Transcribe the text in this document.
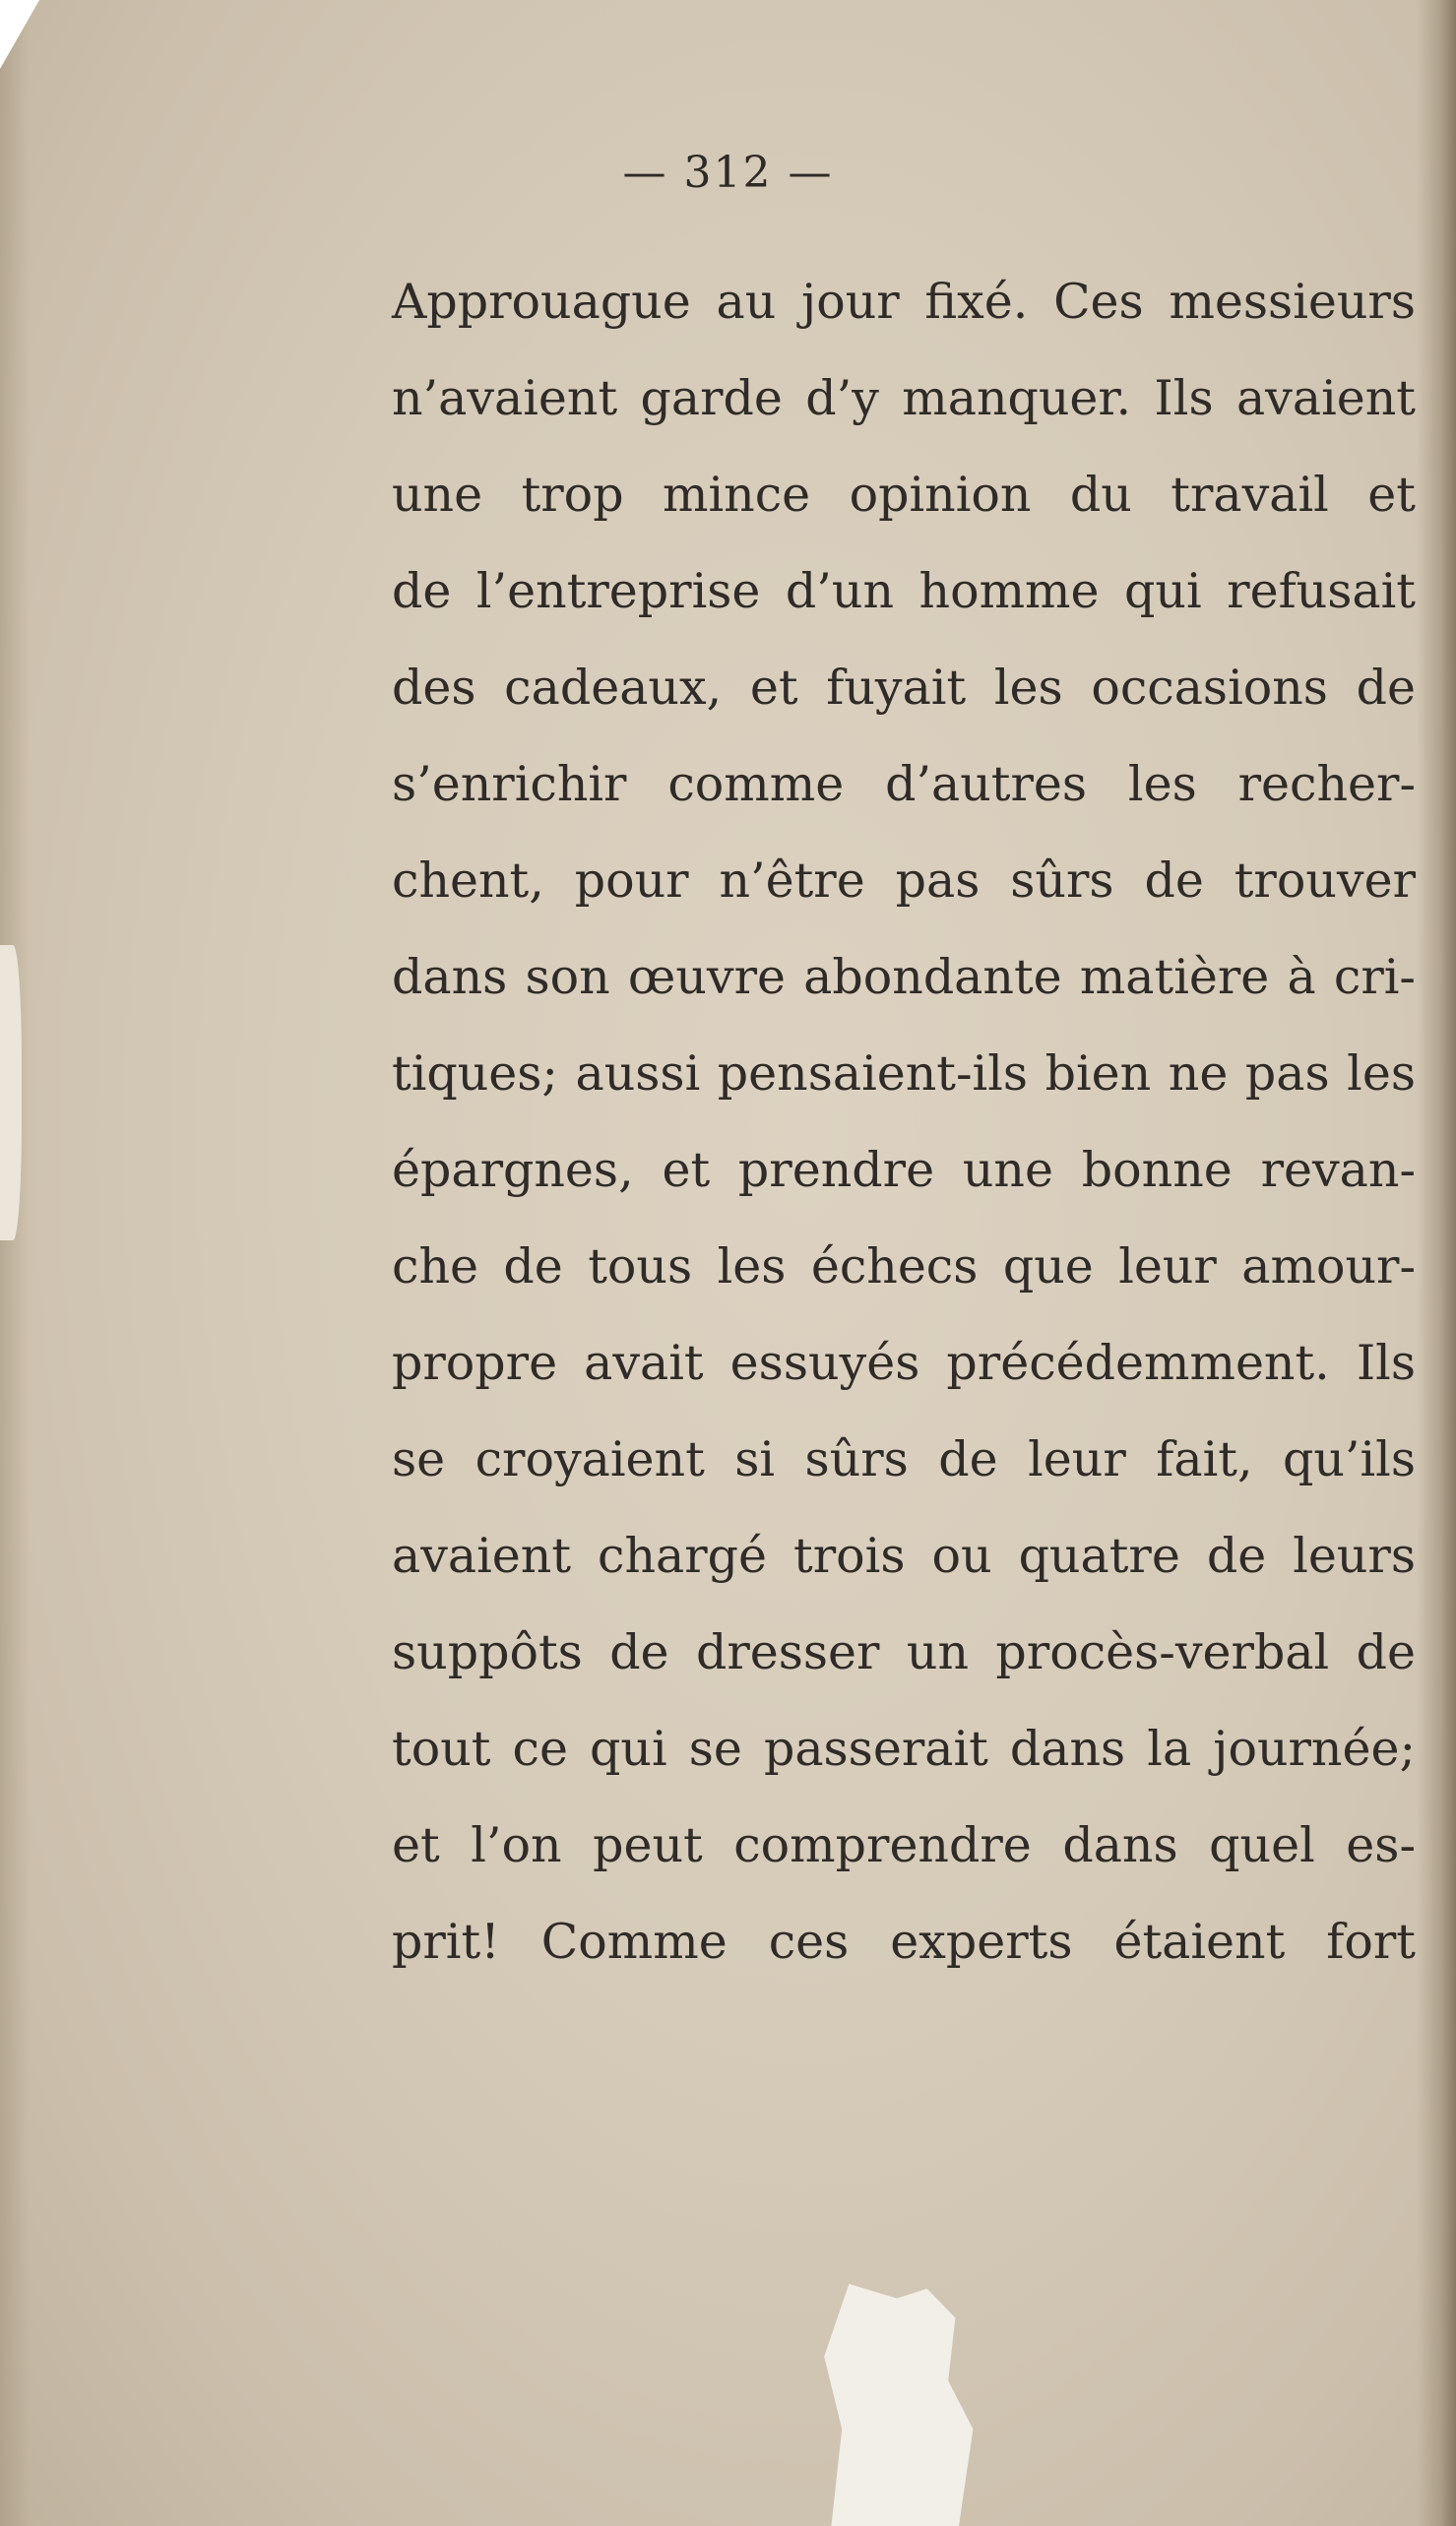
— 312 —
Approuague au jour fixé. Ces messieurs
n’avaient garde d’y manquer. Ils avaient
une trop mince opinion du travail et
de l’entreprise d’un homme qui refusait
des cadeaux, et fuyait les occasions de
s’enrichir comme d’autres les recher-
chent, pour n’être pas sûrs de trouver
dans son œuvre abondante matière à cri-
tiques; aussi pensaient-ils bien ne pas les
épargnes, et prendre une bonne revan-
che de tous les échecs que leur amour-
propre avait essuyés précédemment. Ils
se croyaient si sûrs de leur fait, qu’ils
avaient chargé trois ou quatre de leurs
suppôts de dresser un procès-verbal de
tout ce qui se passerait dans la journée;
et l’on peut comprendre dans quel es-
prit! Comme ces experts étaient fort
